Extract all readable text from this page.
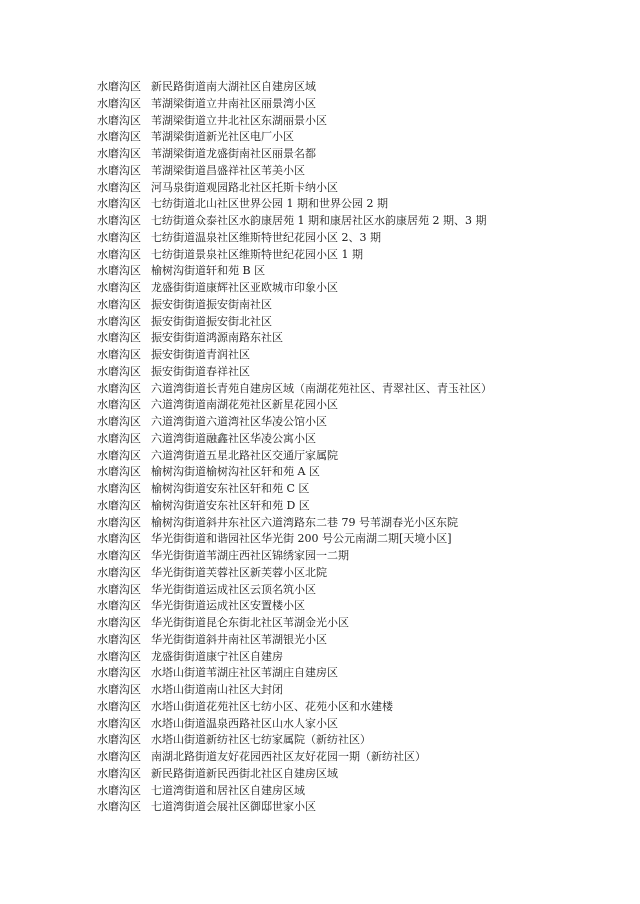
水磨沟区 新民路街道南大湖社区自建房区域
水磨沟区 苇湖梁街道立井南社区丽景湾小区
水磨沟区 苇湖梁街道立井北社区东湖丽景小区
水磨沟区 苇湖梁街道新光社区电厂小区
水磨沟区 苇湖梁街道龙盛街南社区丽景名都
水磨沟区 苇湖梁街道昌盛祥社区苇美小区
水磨沟区 河马泉街道观园路北社区托斯卡纳小区
水磨沟区 七纺街道北山社区世界公园 1 期和世界公园 2 期
水磨沟区 七纺街道众泰社区水韵康居苑 1 期和康居社区水韵康居苑 2 期、3 期
水磨沟区 七纺街道温泉社区维斯特世纪花园小区 2、3 期
水磨沟区 七纺街道景泉社区维斯特世纪花园小区 1 期
水磨沟区 榆树沟街道轩和苑 B 区
水磨沟区 龙盛街街道康辉社区亚欧城市印象小区
水磨沟区 振安街街道振安街南社区
水磨沟区 振安街街道振安街北社区
水磨沟区 振安街街道鸿源南路东社区
水磨沟区 振安街街道青润社区
水磨沟区 振安街街道春祥社区
水磨沟区 六道湾街道长青苑自建房区域（南湖花苑社区、青翠社区、青玉社区）
水磨沟区 六道湾街道南湖花苑社区新星花园小区
水磨沟区 六道湾街道六道湾社区华凌公馆小区
水磨沟区 六道湾街道融鑫社区华凌公寓小区
水磨沟区 六道湾街道五星北路社区交通厅家属院
水磨沟区 榆树沟街道榆树沟社区轩和苑 A 区
水磨沟区 榆树沟街道安东社区轩和苑 C 区
水磨沟区 榆树沟街道安东社区轩和苑 D 区
水磨沟区 榆树沟街道斜井东社区六道湾路东二巷 79 号苇湖春光小区东院
水磨沟区 华光街街道和谐园社区华光街 200 号公元南湖二期[天境小区]
水磨沟区 华光街街道苇湖庄西社区锦绣家园一二期
水磨沟区 华光街街道芙蓉社区新芙蓉小区北院
水磨沟区 华光街街道运成社区云顶名筑小区
水磨沟区 华光街街道运成社区安置楼小区
水磨沟区 华光街街道昆仑东街北社区苇湖金光小区
水磨沟区 华光街街道斜井南社区苇湖银光小区
水磨沟区 龙盛街街道康宁社区自建房
水磨沟区 水塔山街道苇湖庄社区苇湖庄自建房区
水磨沟区 水塔山街道南山社区大封闭
水磨沟区 水塔山街道花苑社区七纺小区、花苑小区和水建楼
水磨沟区 水塔山街道温泉西路社区山水人家小区
水磨沟区 水塔山街道新纺社区七纺家属院（新纺社区）
水磨沟区 南湖北路街道友好花园西社区友好花园一期（新纺社区）
水磨沟区 新民路街道新民西街北社区自建房区域
水磨沟区 七道湾街道和居社区自建房区域
水磨沟区 七道湾街道会展社区御邸世家小区
